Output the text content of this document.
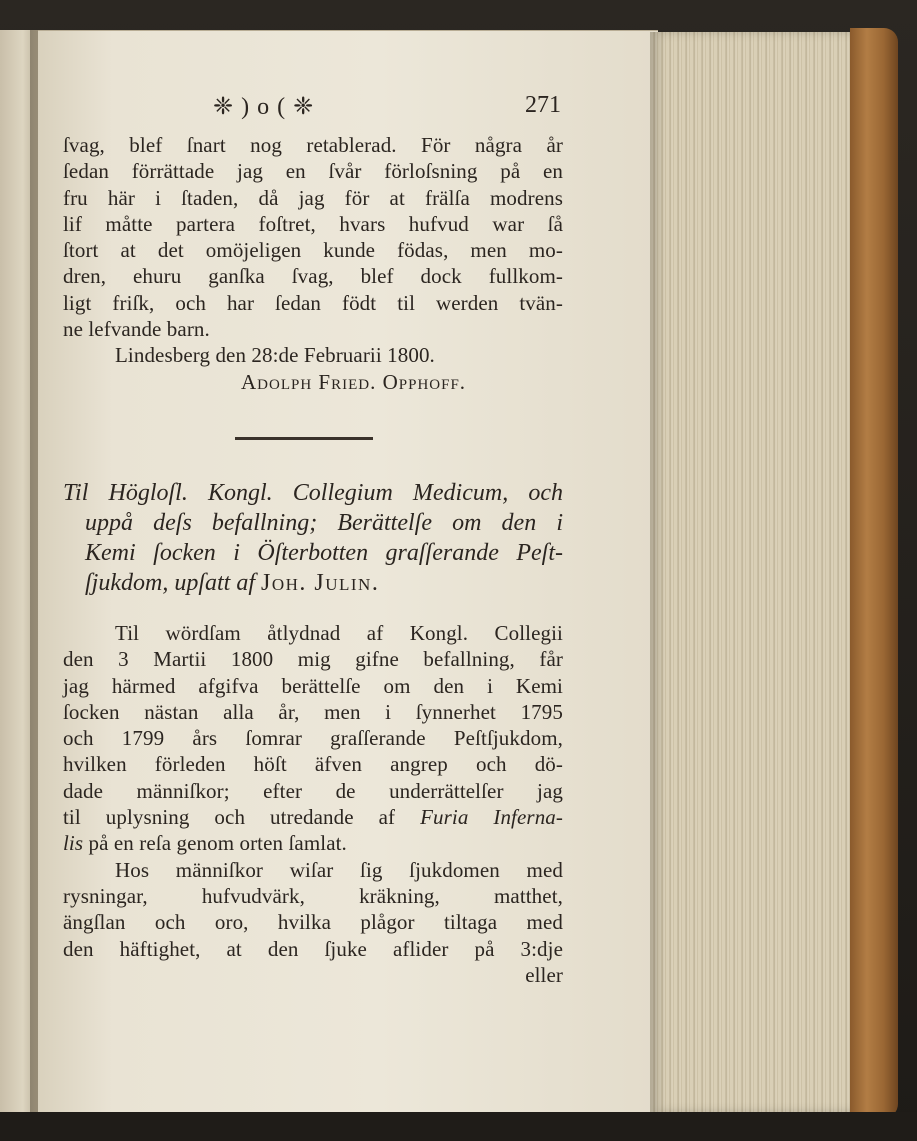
❈ ) o ( ❈	271
ſvag, blef ſnart nog retablerad. För några år
ſedan förrättade jag en ſvår förloſsning på en
fru här i ſtaden, då jag för at frälſa modrens
lif måtte partera foſtret, hvars hufvud war ſå
ſtort at det omöjeligen kunde födas, men mo-
dren, ehuru ganſka ſvag, blef dock fullkom-
ligt friſk, och har ſedan födt til werden tvän-
ne lefvande barn.
Lindesberg den 28:de Februarii 1800.
Adolph Fried. Opphoff.
Til Högloſl. Kongl. Collegium Medicum, och
uppå deſs befallning; Berättelſe om den i
Kemi ſocken i Öſterbotten graſſerande Peſt-
ſjukdom, upſatt af Joh. Julin.
Til wördſam åtlydnad af Kongl. Collegii
den 3 Martii 1800 mig gifne befallning, får
jag härmed afgifva berättelſe om den i Kemi
ſocken nästan alla år, men i ſynnerhet 1795
och 1799 års ſomrar graſſerande Peſtſjukdom,
hvilken förleden höſt äfven angrep och dö-
dade männiſkor; efter de underrättelſer jag
til uplysning och utredande af Furia Inferna-
lis på en reſa genom orten ſamlat.
Hos männiſkor wiſar ſig ſjukdomen med
rysningar, hufvudvärk, kräkning, matthet,
ängſlan och oro, hvilka plågor tiltaga med
den häftighet, at den ſjuke aflider på 3:dje
eller
